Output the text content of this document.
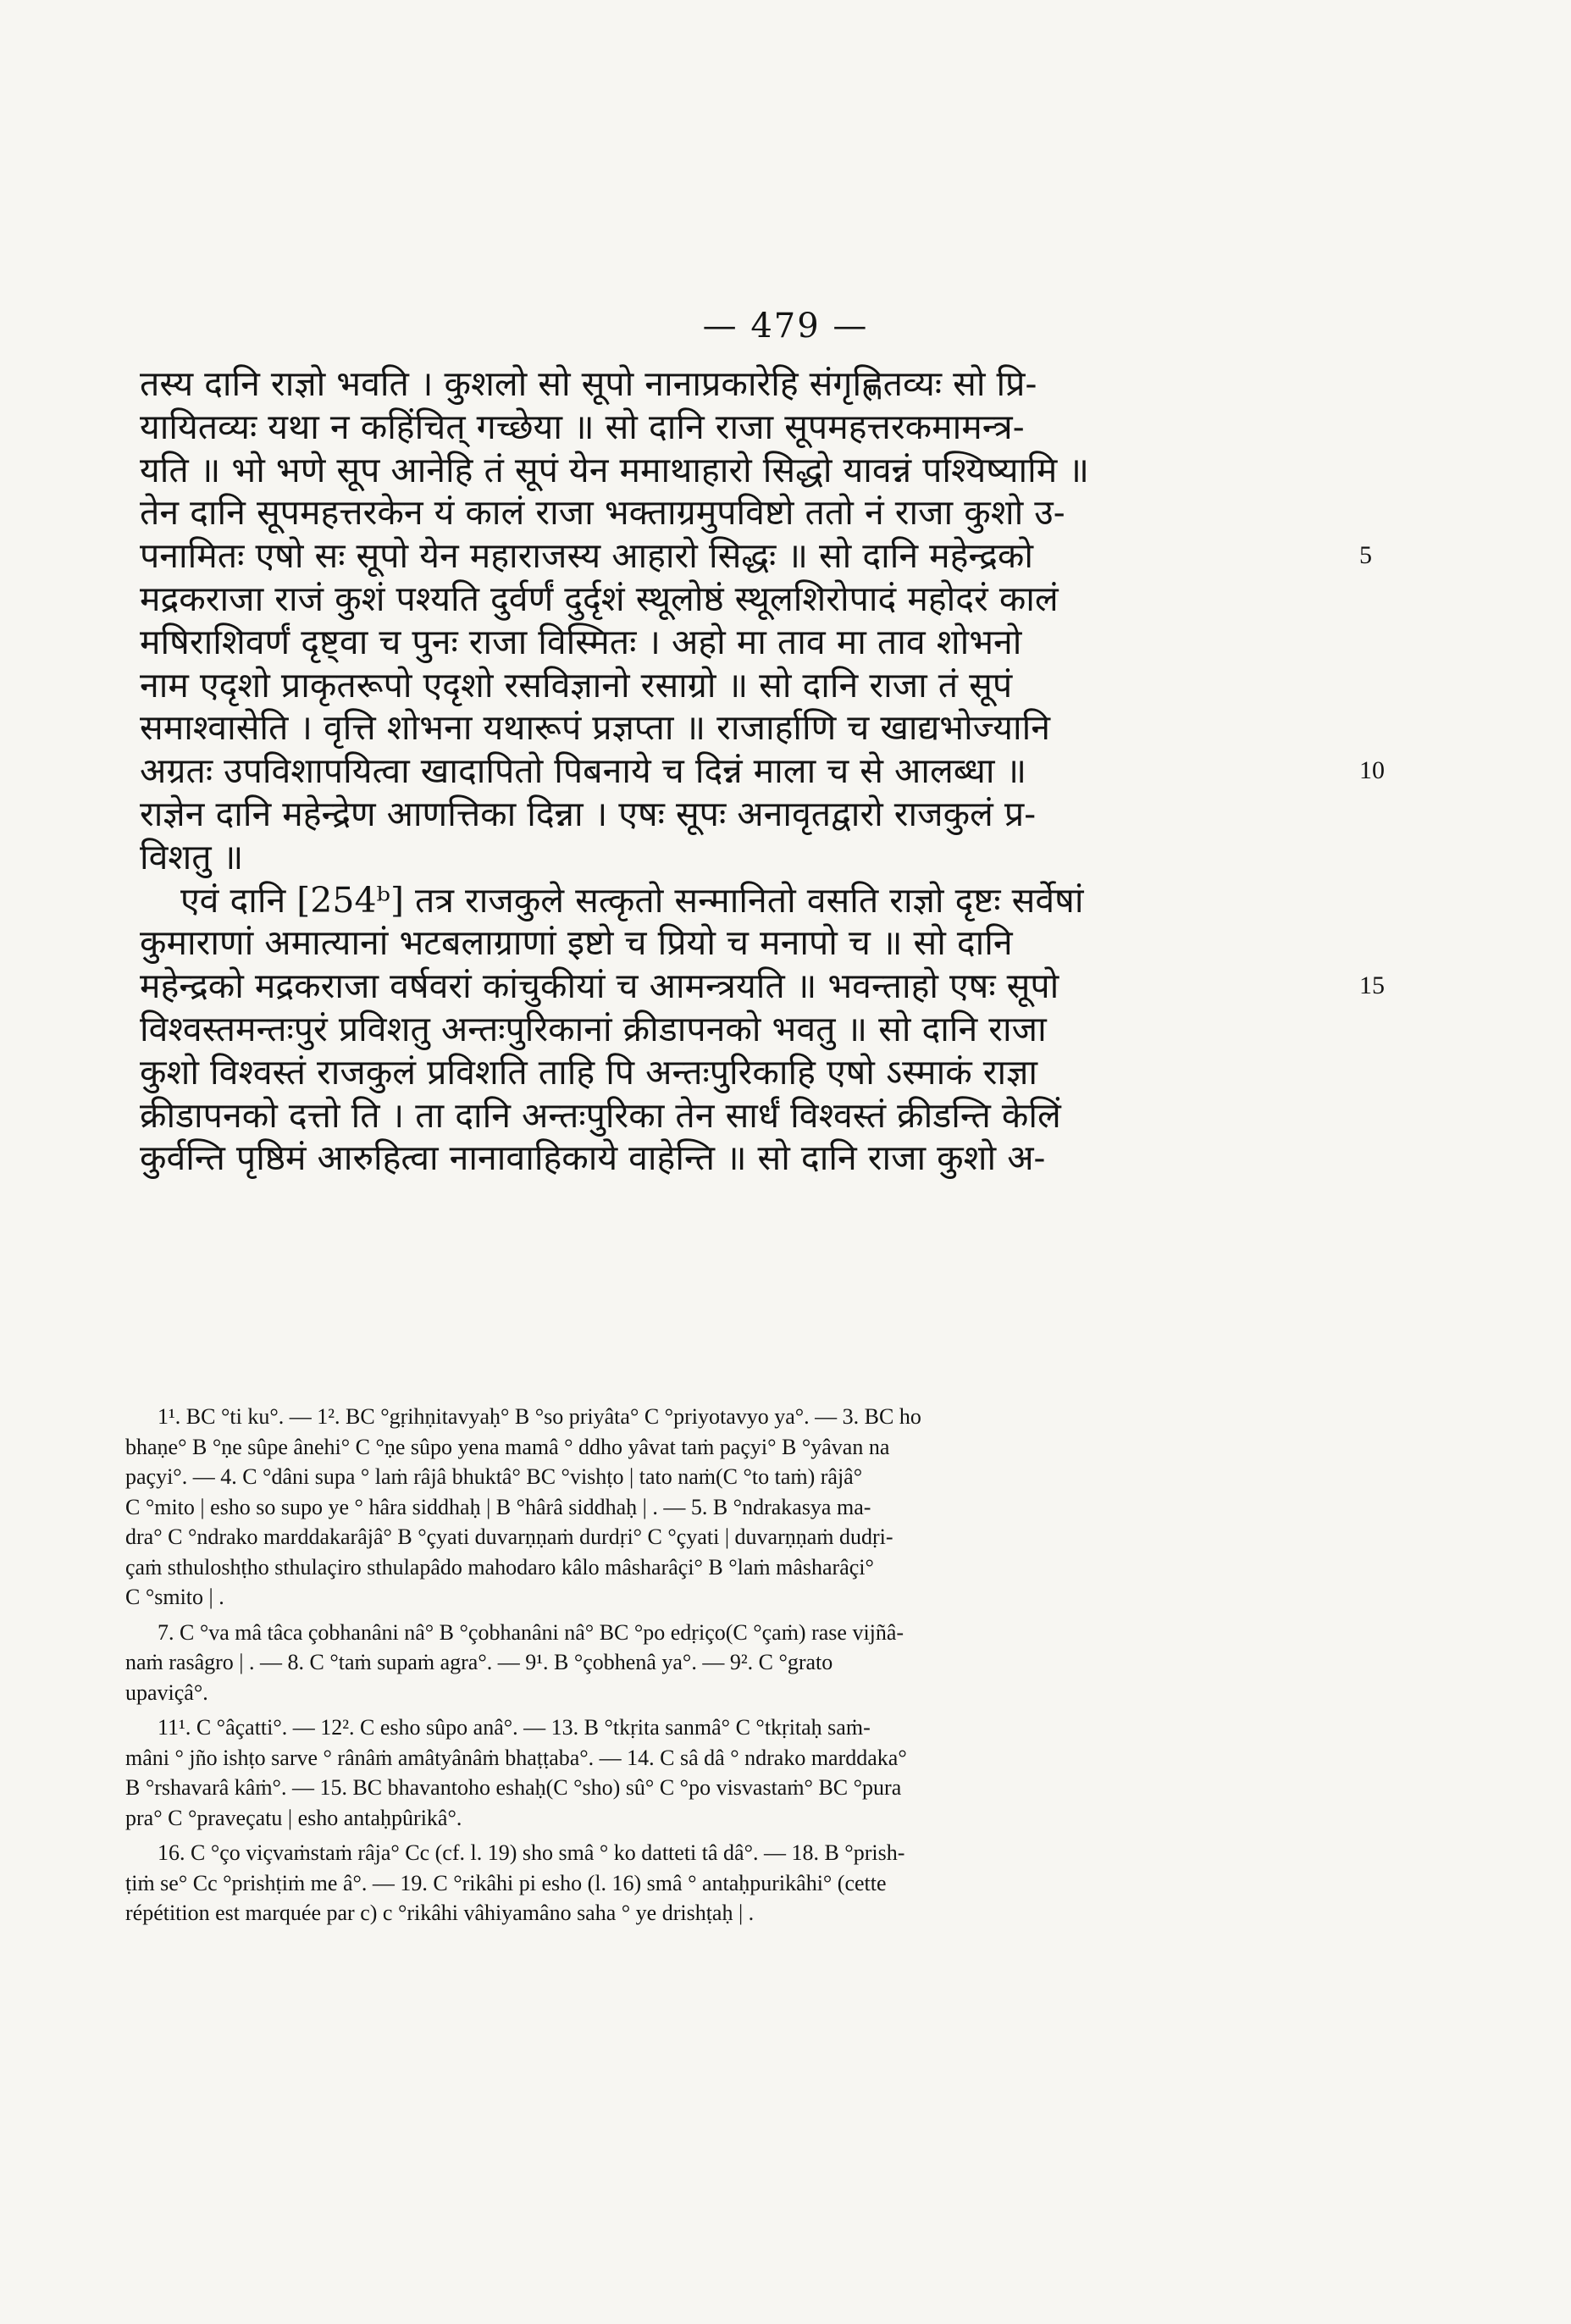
— 479 —
तस्य दानि राज्ञो भवति । कुशलो सो सूपो नानाप्रकारेहि संगृह्णितव्यः सो प्रि-
यायितव्यः यथा न कहिंचित् गच्छेया ॥ सो दानि राजा सूपमहत्तरकमामन्त्र-
यति ॥ भो भणे सूप आनेहि तं सूपं येन ममाथाहारो सिद्धो यावन्नं पश्यिष्यामि ॥
तेन दानि सूपमहत्तरकेन यं कालं राजा भक्ताग्रमुपविष्टो ततो नं राजा कुशो उ-
पनामितः एषो सः सूपो येन महाराजस्य आहारो सिद्धः ॥ सो दानि महेन्द्रको	5
मद्रकराजा राजं कुशं पश्यति दुर्वर्णं दुर्दृशं स्थूलोष्ठं स्थूलशिरोपादं महोदरं कालं
मषिराशिवर्णं दृष्ट्वा च पुनः राजा विस्मितः । अहो मा ताव मा ताव शोभनो
नाम एदृशो प्राकृतरूपो एदृशो रसविज्ञानो रसाग्रो ॥ सो दानि राजा तं सूपं
समाश्वासेति । वृत्ति शोभना यथारूपं प्रज्ञप्ता ॥ राजार्हाणि च खाद्यभोज्यानि
अग्रतः उपविशापयित्वा खादापितो पिबनाये च दिन्नं माला च से आलब्धा ॥	10
राज्ञेन दानि महेन्द्रेण आणत्तिका दिन्ना । एषः सूपः अनावृतद्वारो राजकुलं प्र-
विशतु ॥
एवं दानि [254ᵇ] तत्र राजकुले सत्कृतो सन्मानितो वसति राज्ञो दृष्टः सर्वेषां
कुमाराणां अमात्यानां भटबलाग्राणां इष्टो च प्रियो च मनापो च ॥ सो दानि
महेन्द्रको मद्रकराजा वर्षवरां कांचुकीयां च आमन्त्रयति ॥ भवन्ताहो एषः सूपो	15
विश्वस्तमन्तःपुरं प्रविशतु अन्तःपुरिकानां क्रीडापनको भवतु ॥ सो दानि राजा
कुशो विश्वस्तं राजकुलं प्रविशति ताहि पि अन्तःपुरिकाहि एषो ऽस्माकं राज्ञा
क्रीडापनको दत्तो ति । ता दानि अन्तःपुरिका तेन सार्धं विश्वस्तं क्रीडन्ति केलिं
कुर्वन्ति पृष्ठिमं आरुहित्वा नानावाहिकाये वाहेन्ति ॥ सो दानि राजा कुशो अ-
1¹. BC °ti ku°. — 1². BC °gṛihṇitavyaḥ° B °so priyâta° C °priyotavyo ya°. — 3. BC ho
bhaṇe° B °ṇe sûpe ânehi° C °ṇe sûpo yena mamâ ° ddho yâvat taṁ paçyi° B °yâvan na
paçyi°. — 4. C °dâni supa ° laṁ râjâ bhuktâ° BC °vishṭo | tato naṁ(C °to taṁ) râjâ°
C °mito | esho so supo ye ° hâra siddhaḥ | B °hârâ siddhaḥ | . — 5. B °ndrakasya ma-
dra° C °ndrako marddakarâjâ° B °çyati duvarṇṇaṁ durdṛi° C °çyati | duvarṇṇaṁ dudṛi-
çaṁ sthuloshṭho sthulaçiro sthulapâdo mahodaro kâlo mâsharâçi° B °laṁ mâsharâçi°
C °smito | .
7. C °va mâ tâca çobhanâni nâ° B °çobhanâni nâ° BC °po edṛiço(C °çaṁ) rase vijñâ-
naṁ rasâgro | . — 8. C °taṁ supaṁ agra°. — 9¹. B °çobhenâ ya°. — 9². C °grato
upaviçâ°.
11¹. C °âçatti°. — 12². C esho sûpo anâ°. — 13. B °tkṛita sanmâ° C °tkṛitaḥ saṁ-
mâni ° jño ishṭo sarve ° rânâṁ amâtyânâṁ bhaṭṭaba°. — 14. C sâ dâ ° ndrako marddaka°
B °rshavarâ kâṁ°. — 15. BC bhavantoho eshaḥ(C °sho) sû° C °po visvastaṁ° BC °pura
pra° C °praveçatu | esho antaḥpûrikâ°.
16. C °ço viçvaṁstaṁ râja° Cc (cf. l. 19) sho smâ ° ko datteti tâ dâ°. — 18. B °prish-
ṭiṁ se° Cc °prishṭiṁ me â°. — 19. C °rikâhi pi esho (l. 16) smâ ° antaḥpurikâhi° (cette
répétition est marquée par c) c °rikâhi vâhiyamâno saha ° ye drishṭaḥ | .
